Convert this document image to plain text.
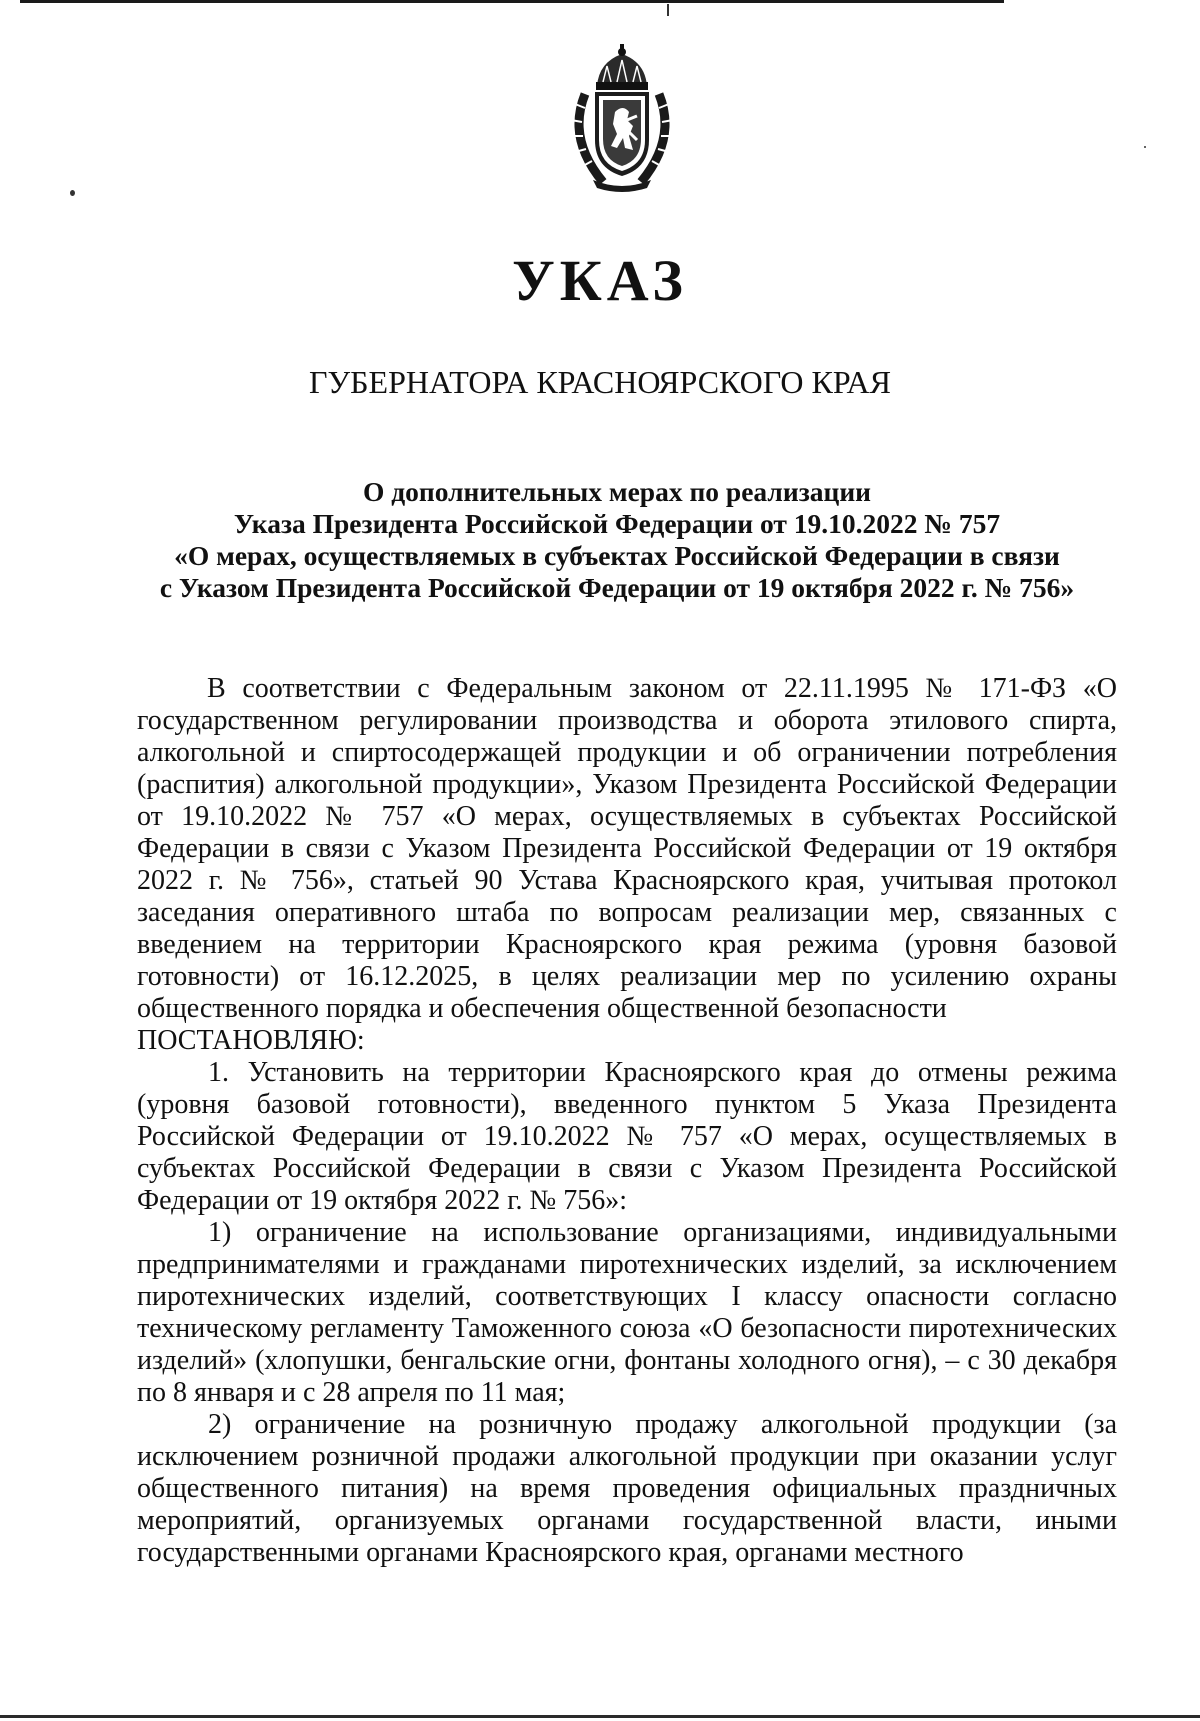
УКАЗ
ГУБЕРНАТОРА КРАСНОЯРСКОГО КРАЯ
О дополнительных мерах по реализации
Указа Президента Российской Федерации от 19.10.2022 № 757
«О мерах, осуществляемых в субъектах Российской Федерации в связи
с Указом Президента Российской Федерации от 19 октября 2022 г. № 756»

В соответствии с Федеральным законом от 22.11.1995 № 171-ФЗ «О государственном регулировании производства и оборота этилового спирта, алкогольной и спиртосодержащей продукции и об ограничении потребления (распития) алкогольной продукции», Указом Президента Российской Федерации от 19.10.2022 № 757 «О мерах, осуществляемых в субъектах Российской Федерации в связи с Указом Президента Российской Федерации от 19 октября 2022 г. № 756», статьей 90 Устава Красноярского края, учитывая протокол заседания оперативного штаба по вопросам реализации мер, связанных с введением на территории Красноярского края режима (уровня базовой готовности) от 16.12.2025, в целях реализации мер по усилению охраны общественного порядка и обеспечения общественной безопасности

ПОСТАНОВЛЯЮ:

1. Установить на территории Красноярского края до отмены режима (уровня базовой готовности), введенного пунктом 5 Указа Президента Российской Федерации от 19.10.2022 № 757 «О мерах, осуществляемых в субъектах Российской Федерации в связи с Указом Президента Российской Федерации от 19 октября 2022 г. № 756»:

1) ограничение на использование организациями, индивидуальными предпринимателями и гражданами пиротехнических изделий, за исключением пиротехнических изделий, соответствующих I классу опасности согласно техническому регламенту Таможенного союза «О безопасности пиротехнических изделий» (хлопушки, бенгальские огни, фонтаны холодного огня), – с 30 декабря по 8 января и с 28 апреля по 11 мая;

2) ограничение на розничную продажу алкогольной продукции (за исключением розничной продажи алкогольной продукции при оказании услуг общественного питания) на время проведения официальных праздничных мероприятий, организуемых органами государственной власти, иными государственными органами Красноярского края, органами местного
